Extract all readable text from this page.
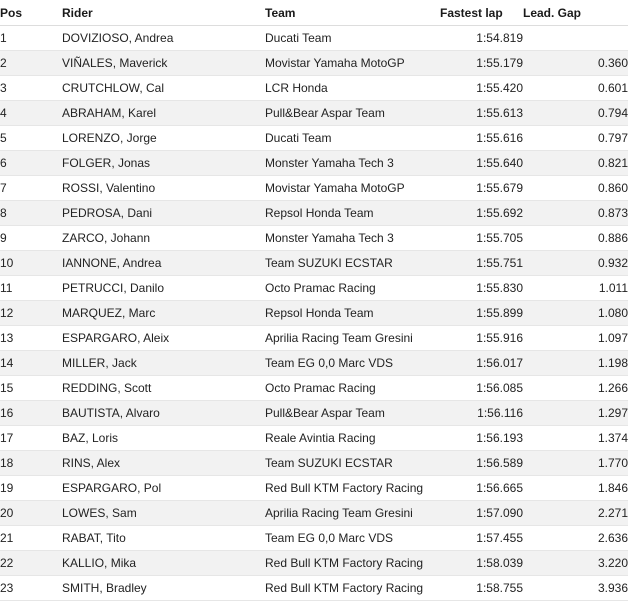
Pos	Rider	Team	Fastest lap	Lead. Gap
1	DOVIZIOSO, Andrea	Ducati Team	1:54.819	
2	VIÑALES, Maverick	Movistar Yamaha MotoGP	1:55.179	0.360
3	CRUTCHLOW, Cal	LCR Honda	1:55.420	0.601
4	ABRAHAM, Karel	Pull&Bear Aspar Team	1:55.613	0.794
5	LORENZO, Jorge	Ducati Team	1:55.616	0.797
6	FOLGER, Jonas	Monster Yamaha Tech 3	1:55.640	0.821
7	ROSSI, Valentino	Movistar Yamaha MotoGP	1:55.679	0.860
8	PEDROSA, Dani	Repsol Honda Team	1:55.692	0.873
9	ZARCO, Johann	Monster Yamaha Tech 3	1:55.705	0.886
10	IANNONE, Andrea	Team SUZUKI ECSTAR	1:55.751	0.932
11	PETRUCCI, Danilo	Octo Pramac Racing	1:55.830	1.011
12	MARQUEZ, Marc	Repsol Honda Team	1:55.899	1.080
13	ESPARGARO, Aleix	Aprilia Racing Team Gresini	1:55.916	1.097
14	MILLER, Jack	Team EG 0,0 Marc VDS	1:56.017	1.198
15	REDDING, Scott	Octo Pramac Racing	1:56.085	1.266
16	BAUTISTA, Alvaro	Pull&Bear Aspar Team	1:56.116	1.297
17	BAZ, Loris	Reale Avintia Racing	1:56.193	1.374
18	RINS, Alex	Team SUZUKI ECSTAR	1:56.589	1.770
19	ESPARGARO, Pol	Red Bull KTM Factory Racing	1:56.665	1.846
20	LOWES, Sam	Aprilia Racing Team Gresini	1:57.090	2.271
21	RABAT, Tito	Team EG 0,0 Marc VDS	1:57.455	2.636
22	KALLIO, Mika	Red Bull KTM Factory Racing	1:58.039	3.220
23	SMITH, Bradley	Red Bull KTM Factory Racing	1:58.755	3.936
